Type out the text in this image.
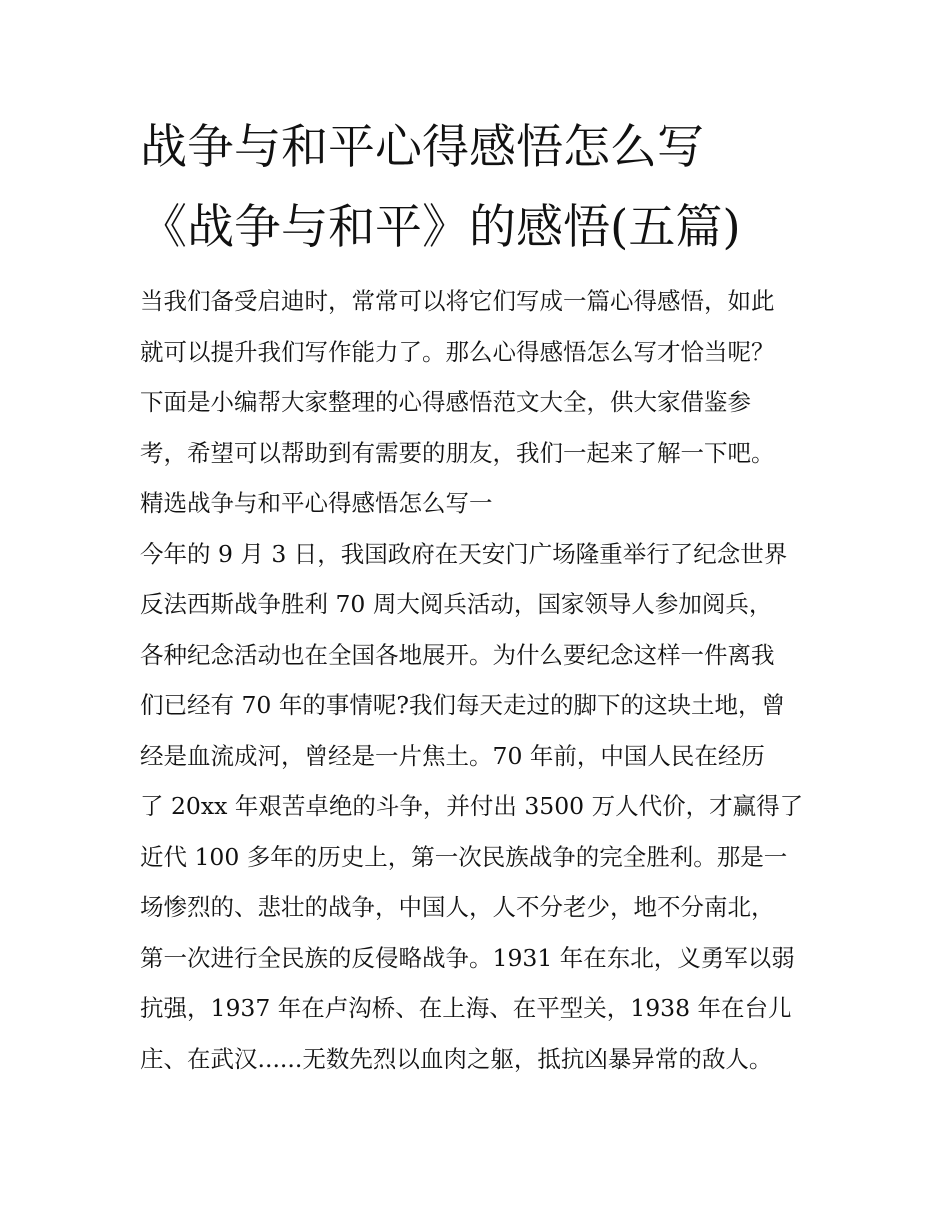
战争与和平心得感悟怎么写
《战争与和平》的感悟(五篇)
当我们备受启迪时，常常可以将它们写成一篇心得感悟，如此
就可以提升我们写作能力了。那么心得感悟怎么写才恰当呢？
下面是小编帮大家整理的心得感悟范文大全，供大家借鉴参
考，希望可以帮助到有需要的朋友，我们一起来了解一下吧。
精选战争与和平心得感悟怎么写一
今年的 9 月 3 日，我国政府在天安门广场隆重举行了纪念世界
反法西斯战争胜利 70 周大阅兵活动，国家领导人参加阅兵，
各种纪念活动也在全国各地展开。为什么要纪念这样一件离我
们已经有 70 年的事情呢?我们每天走过的脚下的这块土地，曾
经是血流成河，曾经是一片焦土。70 年前，中国人民在经历
了 20xx 年艰苦卓绝的斗争，并付出 3500 万人代价，才赢得了
近代 100 多年的历史上，第一次民族战争的完全胜利。那是一
场惨烈的、悲壮的战争，中国人，人不分老少，地不分南北，
第一次进行全民族的反侵略战争。1931 年在东北，义勇军以弱
抗强，1937 年在卢沟桥、在上海、在平型关，1938 年在台儿
庄、在武汉......无数先烈以血肉之躯，抵抗凶暴异常的敌人。
